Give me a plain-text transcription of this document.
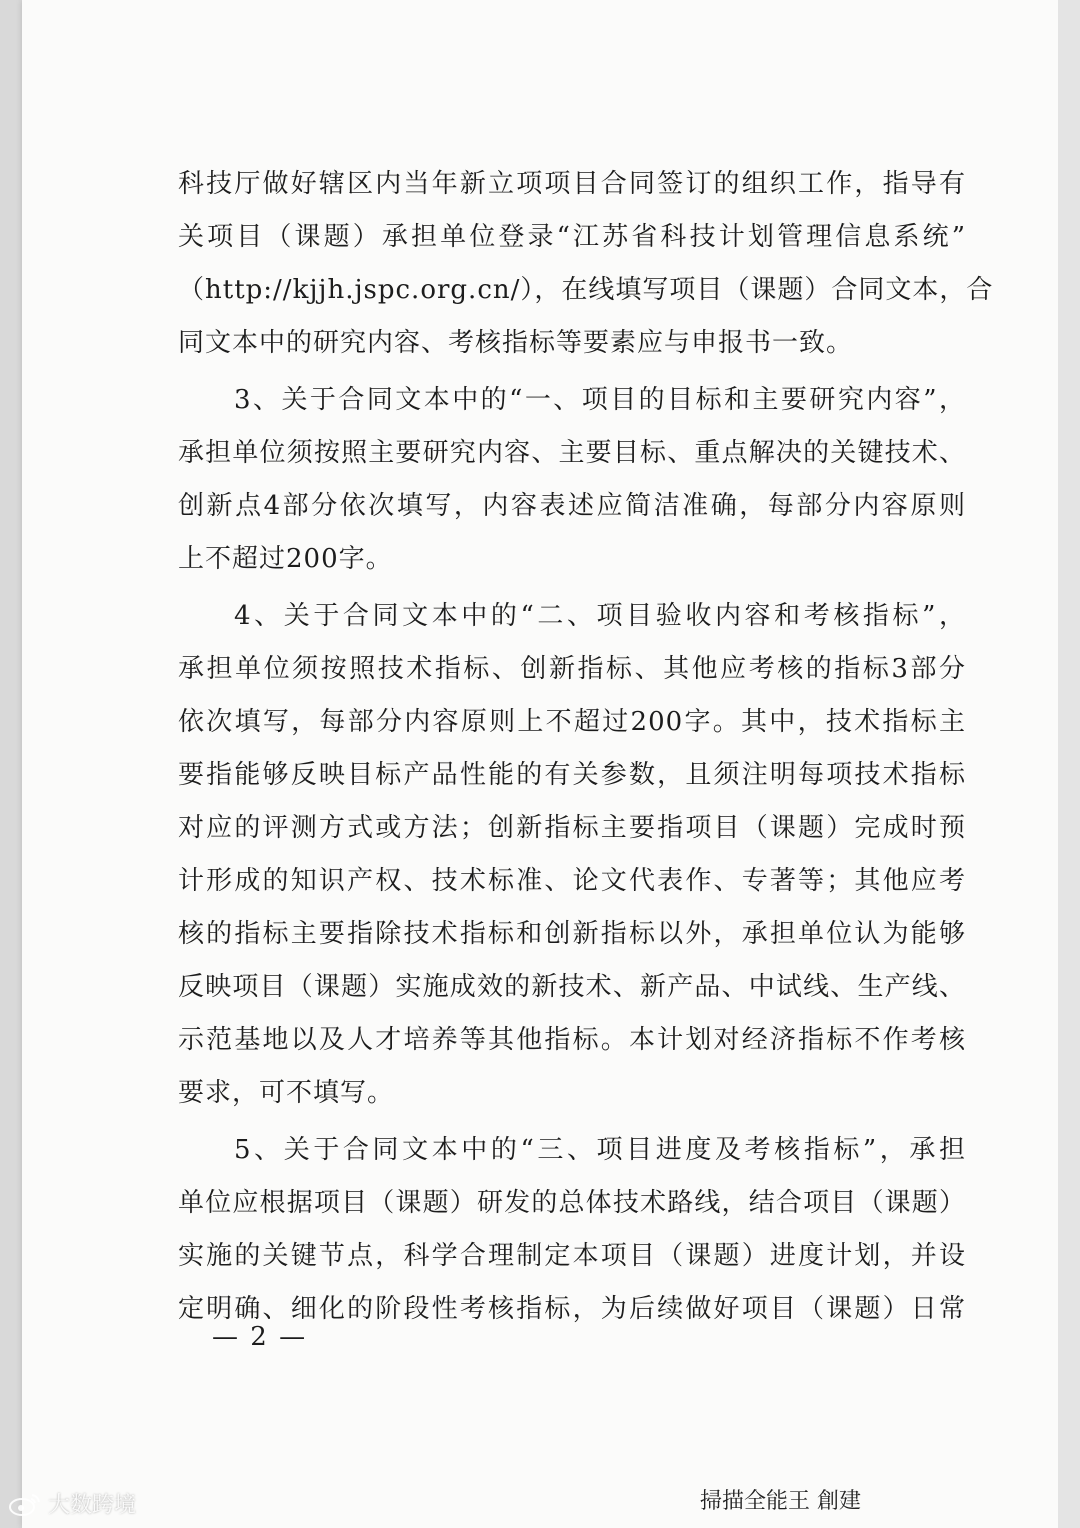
科技厅做好辖区内当年新立项项目合同签订的组织工作，指导有
关项目（课题）承担单位登录“江苏省科技计划管理信息系统”
（http://kjjh.jspc.org.cn/），在线填写项目（课题）合同文本，合
同文本中的研究内容、考核指标等要素应与申报书一致。
3、关于合同文本中的“一、项目的目标和主要研究内容”，
承担单位须按照主要研究内容、主要目标、重点解决的关键技术、
创新点4部分依次填写，内容表述应简洁准确，每部分内容原则
上不超过200字。
4、关于合同文本中的“二、项目验收内容和考核指标”，
承担单位须按照技术指标、创新指标、其他应考核的指标3部分
依次填写，每部分内容原则上不超过200字。其中，技术指标主
要指能够反映目标产品性能的有关参数，且须注明每项技术指标
对应的评测方式或方法；创新指标主要指项目（课题）完成时预
计形成的知识产权、技术标准、论文代表作、专著等；其他应考
核的指标主要指除技术指标和创新指标以外，承担单位认为能够
反映项目（课题）实施成效的新技术、新产品、中试线、生产线、
示范基地以及人才培养等其他指标。本计划对经济指标不作考核
要求，可不填写。
5、关于合同文本中的“三、项目进度及考核指标”，承担
单位应根据项目（课题）研发的总体技术路线，结合项目（课题）
实施的关键节点，科学合理制定本项目（课题）进度计划，并设
定明确、细化的阶段性考核指标，为后续做好项目（课题）日常
— 2 —
大数跨境	掃描全能王 創建
